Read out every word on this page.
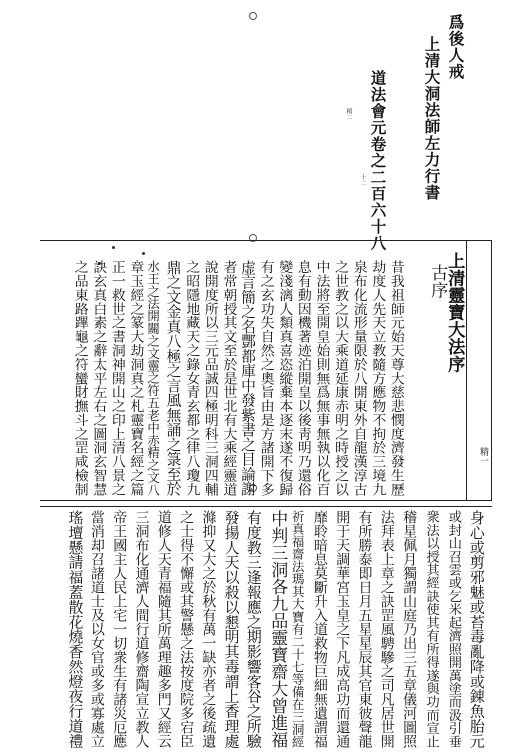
爲後人戒
上清大洞法師左力行書
道法會元卷之二百六十八
精二
十二
精一
上清靈寶大法序
古序
昔我祖師元始天尊大慈悲憫度濟發生歷
劫度人先天立教隨方應物不拘於三境九
泉布化流形量限於八開東外自龍漢淳古
之世教之以大乘道延康赤明之時授之以
中法將至開皇始則無爲無事無執以化百
息有動因機著迹泊開皇以後靑明乃還俗
變淺漓人類真喜恣縱棄本逐末遂不復歸
有之玄功失自然之奧旨由是方諸開下多
虚言簡之名酆都庫中發紫書之目論謝
者常朝授其文至於是世北有大乘經靈道
說開度所以三元品誠四極明科三洞四輔
之昭隱地藏天之錄女青玄都之律八瓊九
鼎之文金真八極之言風無誦之箓至於
水王之法開關之文靈之符五老中赤精之文八
章玉經之篆大劫洞真之札靈寶名經之篇
正一救世之書洞神開山之印上清八景之
訣玄真白素之辭太平左右之圖洞玄智慧
之品東路蹕龜之符蠻財撫斗之罡咸檢制
身心或剪邪魅或苔毒亂降或錬魚胎元
或封山召雲或乞米起濟照開萬塗而汲引垂
衆法以授其經訣使其有所得遂與功而宣止
稽星佩月獨謂山庭乃出三五章儀河圖照
法拜表上章之訣罡風騁驂之司凡居世開
有所勝泰即日月五星星辰其官東彼聲龍
開于天調華宮玉皇之下凡成高功而還通
靡聆暗息莫斷升入道救物巨細無遺謂福
祈真福齋法瑪其大寶有二十七等備在三洞經
中判三洞各九品靈寶齋大曾進福
有度教三逢報應之期影響客谷之所驗
發揚人天以殺以懇明其毒謂上香理處
滌抑又大之於秋有萬一缺亦者之後疏遺
之士得不懈或其警懸之法按度院多宕臣
道修人天青福隨其所萬理趣多門又經云
三洞布化通濟人間行道修齋陶宣立教人
帝王國主人民上宅一切衆生有諸災厄應
當消却召諸道士及以女官或多或寡處立
瑤壇懸請福蓋散花燒香然燈夜行道禮
